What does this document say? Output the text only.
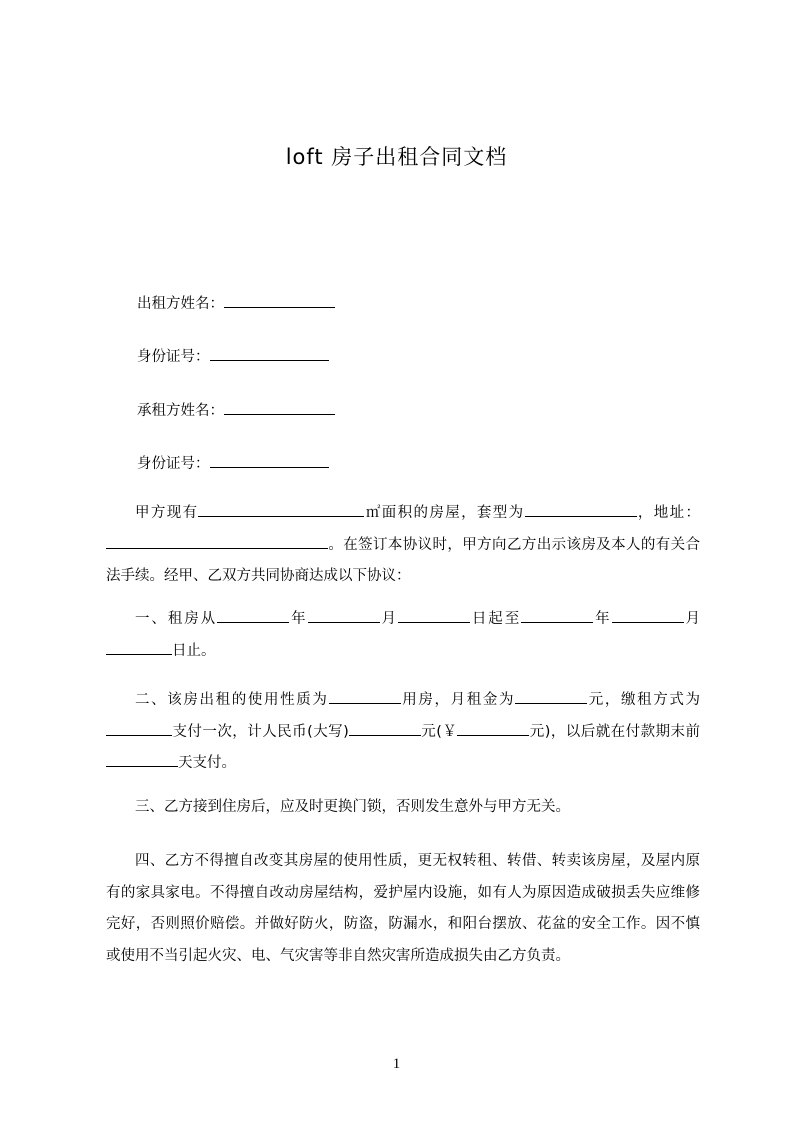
loft 房子出租合同文档
出租方姓名：
身份证号：
承租方姓名：
身份证号：
甲方现有	㎡面积的房屋，套型为	，地址：。在签订本协议时，甲方向乙方出示该房及本人的有关合法手续。经甲、乙双方共同协商达成以下协议：
一、租房从	年	月	日起至	年	月日止。
二、该房出租的使用性质为	用房，月租金为	元，缴租方式为支付一次，计人民币(大写)	元(￥	元)，以后就在付款期末前天支付。
三、乙方接到住房后，应及时更换门锁，否则发生意外与甲方无关。
四、乙方不得擅自改变其房屋的使用性质，更无权转租、转借、转卖该房屋，及屋内原有的家具家电。不得擅自改动房屋结构，爱护屋内设施，如有人为原因造成破损丢失应维修完好，否则照价赔偿。并做好防火，防盗，防漏水，和阳台摆放、花盆的安全工作。因不慎或使用不当引起火灾、电、气灾害等非自然灾害所造成损失由乙方负责。
1
